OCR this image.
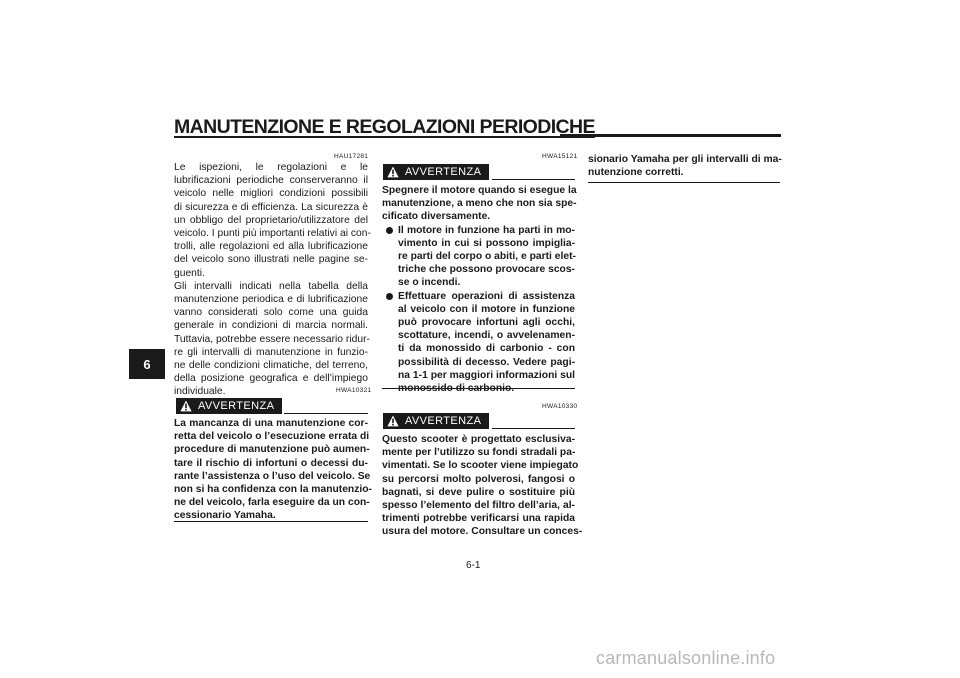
MANUTENZIONE E REGOLAZIONI PERIODICHE
6
HAU17281

Le ispezioni, le regolazioni e le
lubrificazioni periodiche conserveranno il
veicolo nelle migliori condizioni possibili
di sicurezza e di efficienza. La sicurezza è
un obbligo del proprietario/utilizzatore del
veicolo. I punti più importanti relativi ai con-
trolli, alle regolazioni ed alla lubrificazione
del veicolo sono illustrati nelle pagine se-
guenti.

Gli intervalli indicati nella tabella della
manutenzione periodica e di lubrificazione
vanno considerati solo come una guida
generale in condizioni di marcia normali.
Tuttavia, potrebbe essere necessario ridur-
re gli intervalli di manutenzione in funzio-
ne delle condizioni climatiche, del terreno,
della posizione geografica e dell’impiego
individuale.	HWA10321
AVVERTENZA

La mancanza di una manutenzione cor-
retta del veicolo o l’esecuzione errata di
procedure di manutenzione può aumen-
tare il rischio di infortuni o decessi du-
rante l’assistenza o l’uso del veicolo. Se
non si ha confidenza con la manutenzio-
ne del veicolo, farla eseguire da un con-
cessionario Yamaha.

HWA15121
AVVERTENZA

Spegnere il motore quando si esegue la
manutenzione, a meno che non sia spe-
cificato diversamente.

Il motore in funzione ha parti in mo-
vimento in cui si possono impiglia-
re parti del corpo o abiti, e parti elet-
triche che possono provocare scos-
se o incendi.
Effettuare operazioni di assistenza
al veicolo con il motore in funzione
può provocare infortuni agli occhi,
scottature, incendi, o avvelenamen-
ti da monossido di carbonio - con
possibilità di decesso. Vedere pagi-
na 1-1 per maggiori informazioni sul
monossido di carbonio.
HWA10330
AVVERTENZA

Questo scooter è progettato esclusiva-
mente per l’utilizzo su fondi stradali pa-
vimentati. Se lo scooter viene impiegato
su percorsi molto polverosi, fangosi o
bagnati, si deve pulire o sostituire più
spesso l’elemento del filtro dell’aria, al-
trimenti potrebbe verificarsi una rapida
usura del motore. Consultare un conces-

sionario Yamaha per gli intervalli di ma-
nutenzione corretti.

6-1
carmanualsonline.info
